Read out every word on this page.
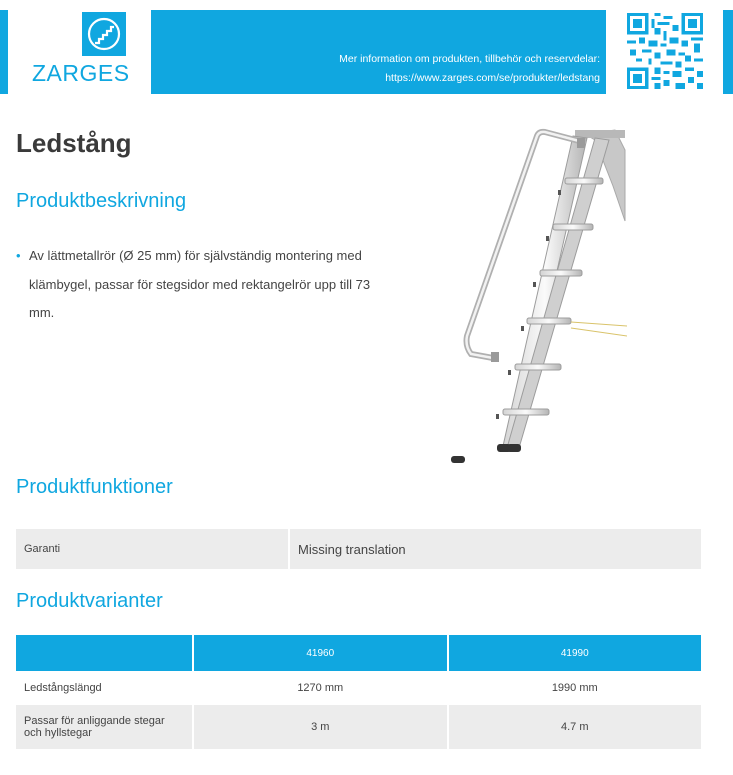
ZARGES
Mer information om produkten, tillbehör och reservdelar:
https://www.zarges.com/se/produkter/ledstang
Ledstång
Produktbeskrivning
• Av lättmetallrör (Ø 25 mm) för självständig montering med klämbygel, passar för stegsidor med rektangelrör upp till 73 mm.
Produktfunktioner
Garanti	Missing translation
Produktvarianter
	41960	41990
Ledstångslängd	1270 mm	1990 mm
Passar för anliggande stegar
och hyllstegar	3 m	4.7 m
